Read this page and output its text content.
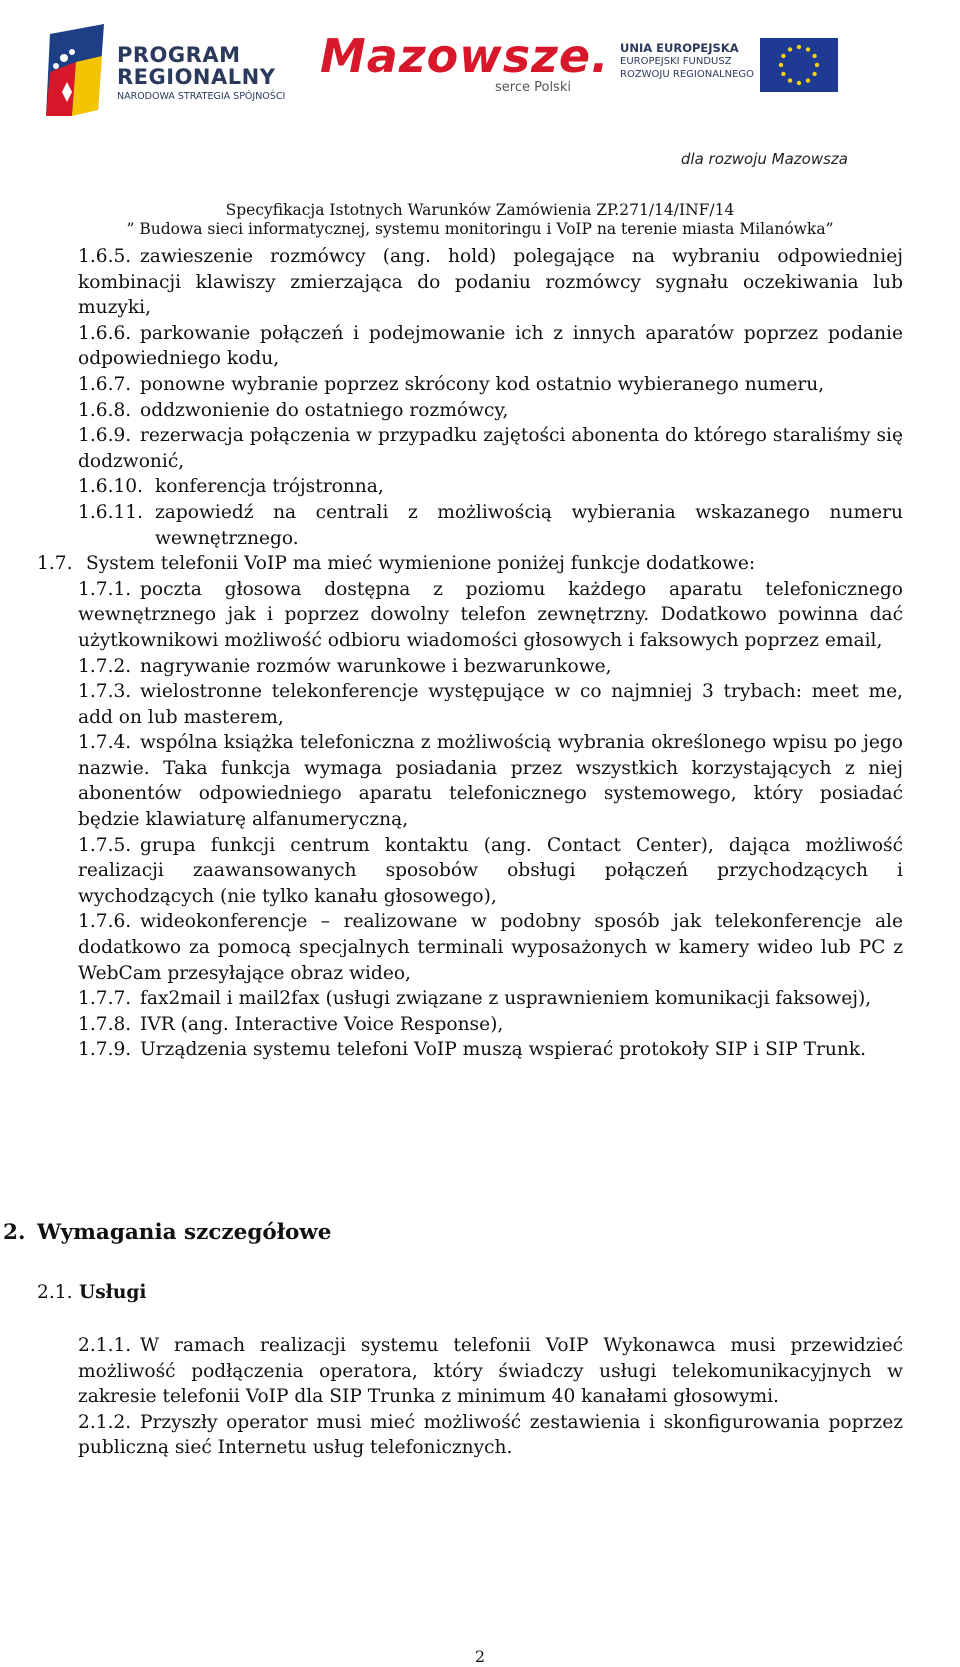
PROGRAM
REGIONALNY
NARODOWA STRATEGIA SPÓJNOŚCI
Mazowsze.
serce Polski
UNIA EUROPEJSKA
EUROPEJSKI FUNDUSZ
ROZWOJU REGIONALNEGO
dla rozwoju Mazowsza
Specyfikacja Istotnych Warunków Zamówienia ZP.271/14/INF/14
” Budowa sieci informatycznej, systemu monitoringu i VoIP na terenie miasta Milanówka”
1.6.5. zawieszenie rozmówcy (ang. hold) polegające na wybraniu odpowiedniej kombinacji klawiszy zmierzająca do podaniu rozmówcy sygnału oczekiwania lub muzyki,
1.6.6. parkowanie połączeń i podejmowanie ich z innych aparatów poprzez podanie odpowiedniego kodu,
1.6.7. ponowne wybranie poprzez skrócony kod ostatnio wybieranego numeru,
1.6.8. oddzwonienie do ostatniego rozmówcy,
1.6.9. rezerwacja połączenia w przypadku zajętości abonenta do którego staraliśmy się dodzwonić,
1.6.10. konferencja trójstronna,
1.6.11. zapowiedź na centrali z możliwością wybierania wskazanego numeru wewnętrznego.
1.7. System telefonii VoIP ma mieć wymienione poniżej funkcje dodatkowe:
1.7.1. poczta głosowa dostępna z poziomu każdego aparatu telefonicznego wewnętrznego jak i poprzez dowolny telefon zewnętrzny. Dodatkowo powinna dać użytkownikowi możliwość odbioru wiadomości głosowych i faksowych poprzez email,
1.7.2. nagrywanie rozmów warunkowe i bezwarunkowe,
1.7.3. wielostronne telekonferencje występujące w co najmniej 3 trybach: meet me, add on lub masterem,
1.7.4. wspólna książka telefoniczna z możliwością wybrania określonego wpisu po jego nazwie. Taka funkcja wymaga posiadania przez wszystkich korzystających z niej abonentów odpowiedniego aparatu telefonicznego systemowego, który posiadać będzie klawiaturę alfanumeryczną,
1.7.5. grupa funkcji centrum kontaktu (ang. Contact Center), dająca możliwość realizacji zaawansowanych sposobów obsługi połączeń przychodzących i wychodzących (nie tylko kanału głosowego),
1.7.6. wideokonferencje – realizowane w podobny sposób jak telekonferencje ale dodatkowo za pomocą specjalnych terminali wyposażonych w kamery wideo lub PC z WebCam przesyłające obraz wideo,
1.7.7. fax2mail i mail2fax (usługi związane z usprawnieniem komunikacji faksowej),
1.7.8. IVR (ang. Interactive Voice Response),
1.7.9. Urządzenia systemu telefoni VoIP muszą wspierać protokoły SIP i SIP Trunk.
2. Wymagania szczegółowe
2.1. Usługi
2.1.1. W ramach realizacji systemu telefonii VoIP Wykonawca musi przewidzieć możliwość podłączenia operatora, który świadczy usługi telekomunikacyjnych w zakresie telefonii VoIP dla SIP Trunka z minimum 40 kanałami głosowymi.
2.1.2. Przyszły operator musi mieć możliwość zestawienia i skonfigurowania poprzez publiczną sieć Internetu usług telefonicznych.
2
